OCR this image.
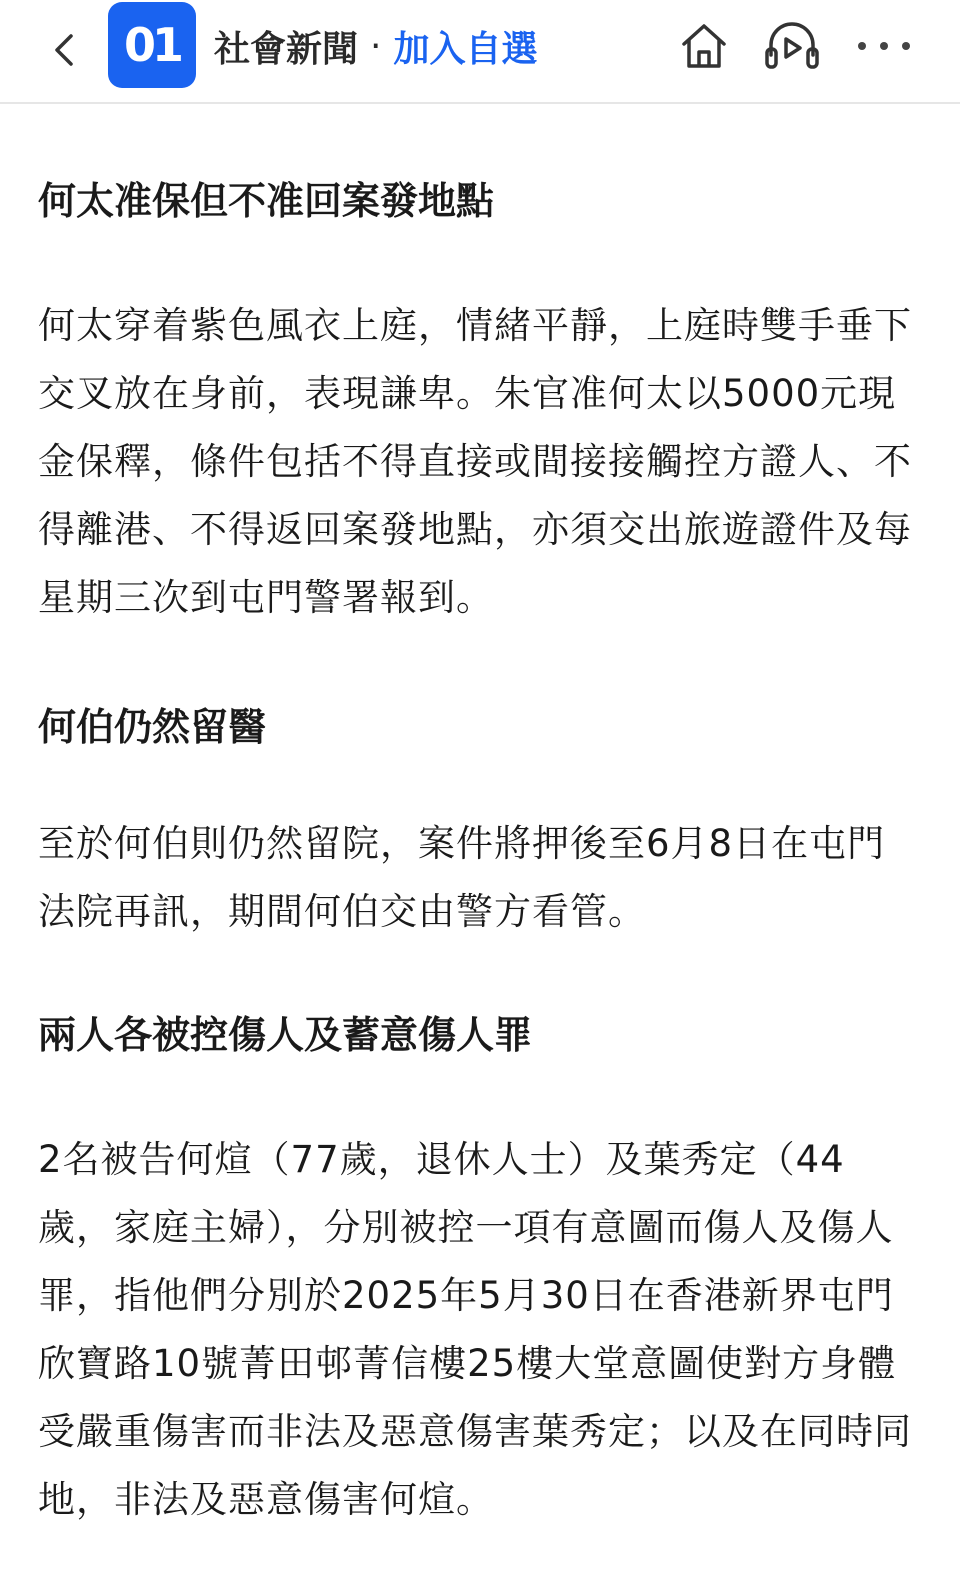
01 社會新聞 · 加入自選
何太准保但不准回案發地點

何太穿着紫色風衣上庭，情緒平靜，上庭時雙手垂下交叉放在身前，表現謙卑。朱官准何太以5000元現金保釋，條件包括不得直接或間接接觸控方證人、不得離港、不得返回案發地點，亦須交出旅遊證件及每星期三次到屯門警署報到。

何伯仍然留醫

至於何伯則仍然留院，案件將押後至6月8日在屯門法院再訊，期間何伯交由警方看管。

兩人各被控傷人及蓄意傷人罪

2名被告何煊（77歲，退休人士）及葉秀定（44歲，家庭主婦），分別被控一項有意圖而傷人及傷人罪，指他們分別於2025年5月30日在香港新界屯門欣寶路10號菁田邨菁信樓25樓大堂意圖使對方身體受嚴重傷害而非法及惡意傷害葉秀定；以及在同時同地，非法及惡意傷害何煊。
